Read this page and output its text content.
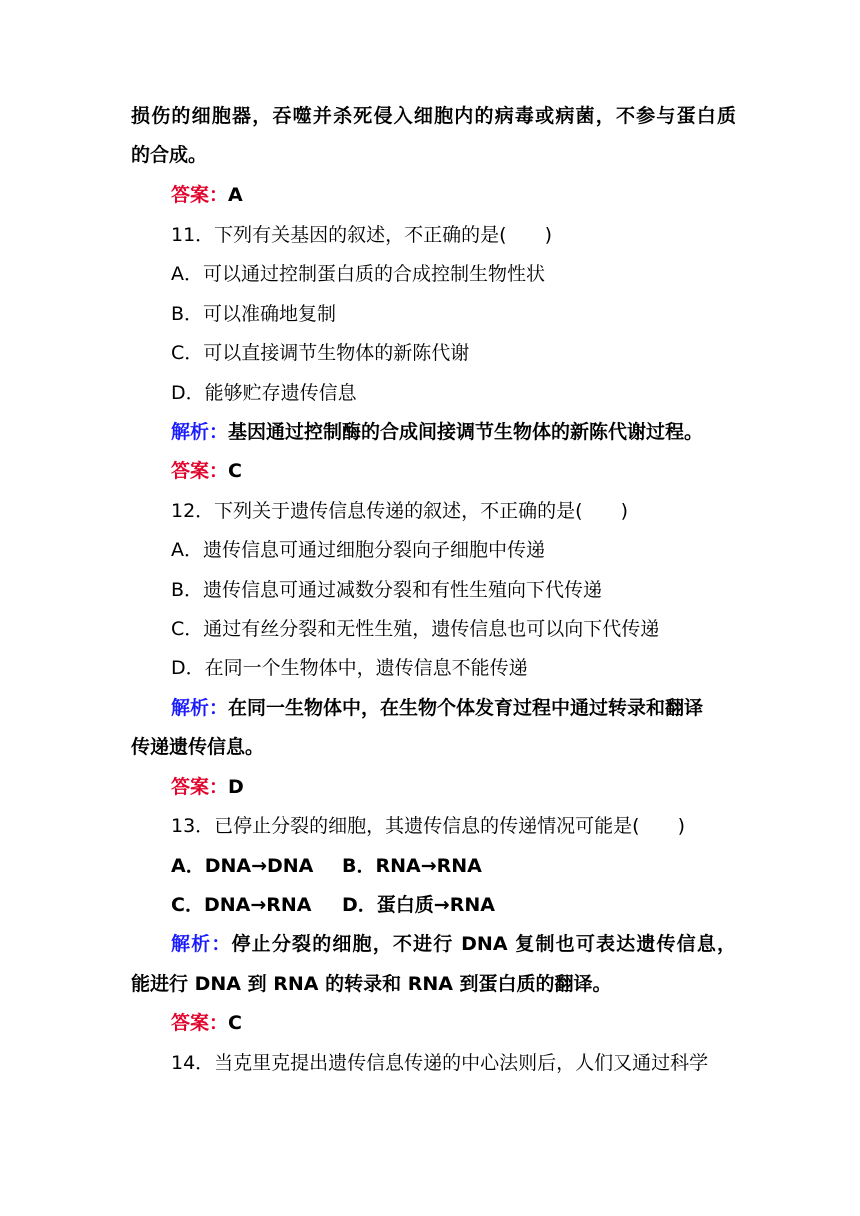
损伤的细胞器，吞噬并杀死侵入细胞内的病毒或病菌，不参与蛋白质
的合成。
答案：A
11．下列有关基因的叙述，不正确的是(　　)
A．可以通过控制蛋白质的合成控制生物性状
B．可以准确地复制
C．可以直接调节生物体的新陈代谢
D．能够贮存遗传信息
解析：基因通过控制酶的合成间接调节生物体的新陈代谢过程。
答案：C
12．下列关于遗传信息传递的叙述，不正确的是(　　)
A．遗传信息可通过细胞分裂向子细胞中传递
B．遗传信息可通过减数分裂和有性生殖向下代传递
C．通过有丝分裂和无性生殖，遗传信息也可以向下代传递
D．在同一个生物体中，遗传信息不能传递
解析：在同一生物体中，在生物个体发育过程中通过转录和翻译
传递遗传信息。
答案：D
13．已停止分裂的细胞，其遗传信息的传递情况可能是(　　)
A．DNA→DNA B．RNA→RNA
C．DNA→RNA D．蛋白质→RNA
解析：停止分裂的细胞，不进行 DNA 复制也可表达遗传信息，
能进行 DNA 到 RNA 的转录和 RNA 到蛋白质的翻译。
答案：C
14．当克里克提出遗传信息传递的中心法则后，人们又通过科学
